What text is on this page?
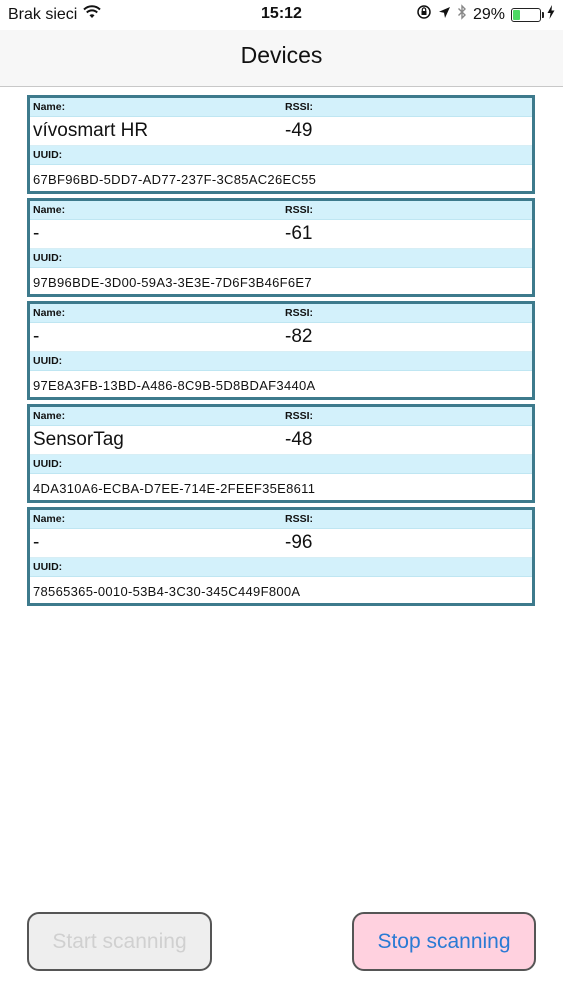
Brak sieci	15:12	29%
Devices
Name:	RSSI:
vívosmart HR	-49
UUID:
67BF96BD-5DD7-AD77-237F-3C85AC26EC55
Name:	RSSI:
-	-61
UUID:
97B96BDE-3D00-59A3-3E3E-7D6F3B46F6E7
Name:	RSSI:
-	-82
UUID:
97E8A3FB-13BD-A486-8C9B-5D8BDAF3440A
Name:	RSSI:
SensorTag	-48
UUID:
4DA310A6-ECBA-D7EE-714E-2FEEF35E8611
Name:	RSSI:
-	-96
UUID:
78565365-0010-53B4-3C30-345C449F800A
Start scanning	Stop scanning
